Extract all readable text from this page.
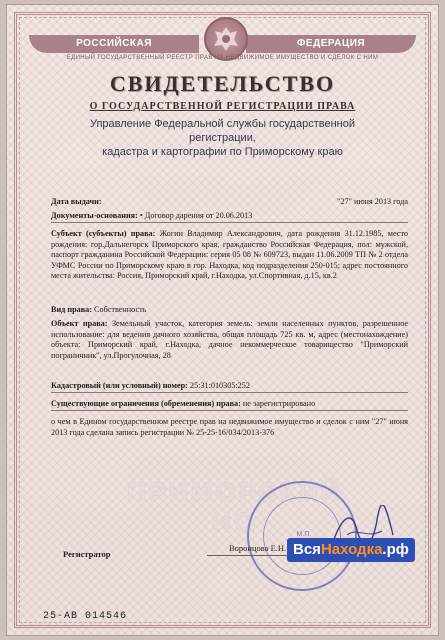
РОССИЙСКАЯ	ФЕДЕРАЦИЯ
ЕДИНЫЙ ГОСУДАРСТВЕННЫЙ РЕЕСТР ПРАВ НА НЕДВИЖИМОЕ ИМУЩЕСТВО И СДЕЛОК С НИМ
СВИДЕТЕЛЬСТВО
О ГОСУДАРСТВЕННОЙ РЕГИСТРАЦИИ ПРАВА
Управление Федеральной службы государственной регистрации,
кадастра и картографии по Приморскому краю
Дата выдачи:	"27" июня 2013 года
Документы-основания: • Договор дарения от 20.06.2013
Субъект (субъекты) права: Жогин Владимир Александрович, дата рождения 31.12.1985, место рождения: гор.Дальнегорск Приморского края, гражданство Российская Федерация, пол: мужской, паспорт гражданина Российской Федерации: серия 05 08 № 609723, выдан 11.06.2009 ТП № 2 отдела УФМС России по Приморскому краю в гор. Находка, код подразделения 250-015; адрес постоянного места жительства: Россия, Приморский край, г.Находка, ул.Спортивная, д.15, кв.2
Вид права: Собственность
Объект права: Земельный участок, категория земель: земли населенных пунктов, разрешенное использование: для ведения дачного хозяйства, общая площадь 725 кв. м, адрес (местонахождение) объекта: Приморский край, г.Находка, дачное некоммерческое товарищество "Приморский пограничник", ул.Прогулочная, 28
Кадастровый (или условный) номер: 25:31:010305:252
Существующие ограничения (обременения) права: не зарегистрировано
о чем в Едином государственном реестре прав на недвижимое имущество и сделок с ним "27" июня 2013 года сделана запись регистрации № 25-25-16/034/2013-376
ПРИМОРСКИЙ
НО	М.П.
Регистратор
Воронцова Е.Н. ВсяНаходка.рф
25-АВ 014546
